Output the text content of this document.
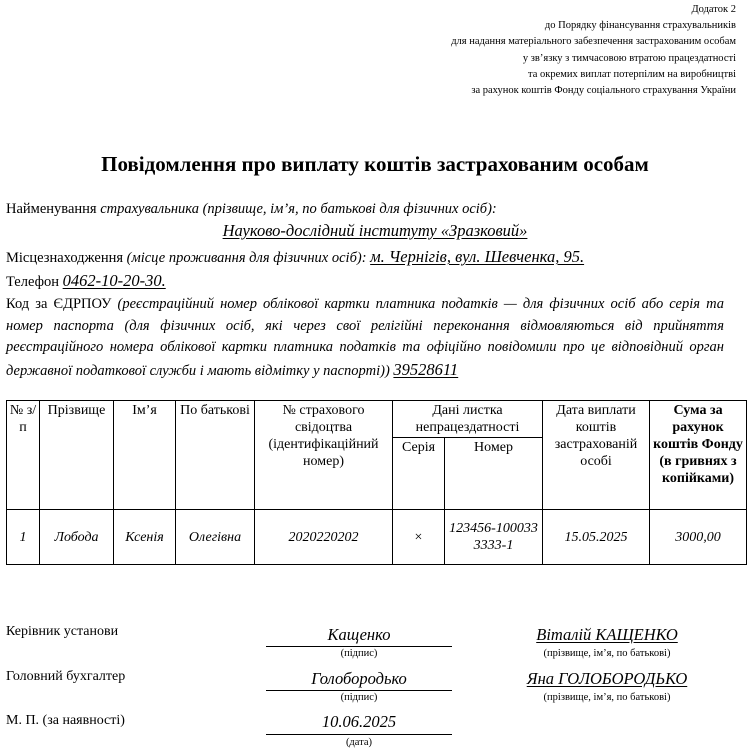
Додаток 2
до Порядку фінансування страхувальників
для надання матеріального забезпечення застрахованим особам
у зв’язку з тимчасовою втратою працездатності
та окремих виплат потерпілим на виробництві
за рахунок коштів Фонду соціального страхування України
Повідомлення про виплату коштів застрахованим особам
Найменування страхувальника (прізвище, ім’я, по батькові для фізичних осіб):
Науково-дослідний інституту «Зразковий»
Місцезнаходження (місце проживання для фізичних осіб): м. Чернігів, вул. Шевченка, 95.
Телефон 0462-10-20-30.
Код за ЄДРПОУ (реєстраційний номер облікової картки платника податків — для фізичних осіб або серія та номер паспорта (для фізичних осіб, які через свої релігійні переконання відмовляються від прийняття реєстраційного номера облікової картки платника податків та офіційно повідомили про це відповідний орган державної податкової служби і мають відмітку у паспорті)) 39528611
№ з/п	Прізвище	Ім’я	По батькові	№ страхового свідоцтва (ідентифікаційний номер)	Дані листка непрацездатності		Дата виплати коштів застрахованій особі	Сума за рахунок коштів Фонду (в гривнях з копійками)
					Серія	Номер		
1	Лобода	Ксенія	Олегівна	2020220202	×	123456-1000333333-1	15.05.2025	3000,00
Керівник установи	Кащенко
(підпис)
Віталій КАЩЕНКО
(прізвище, ім’я, по батькові)
Головний бухгалтер	Голобородько
(підпис)
Яна ГОЛОБОРОДЬКО
(прізвище, ім’я, по батькові)
М. П. (за наявності)	10.06.2025
(дата)
